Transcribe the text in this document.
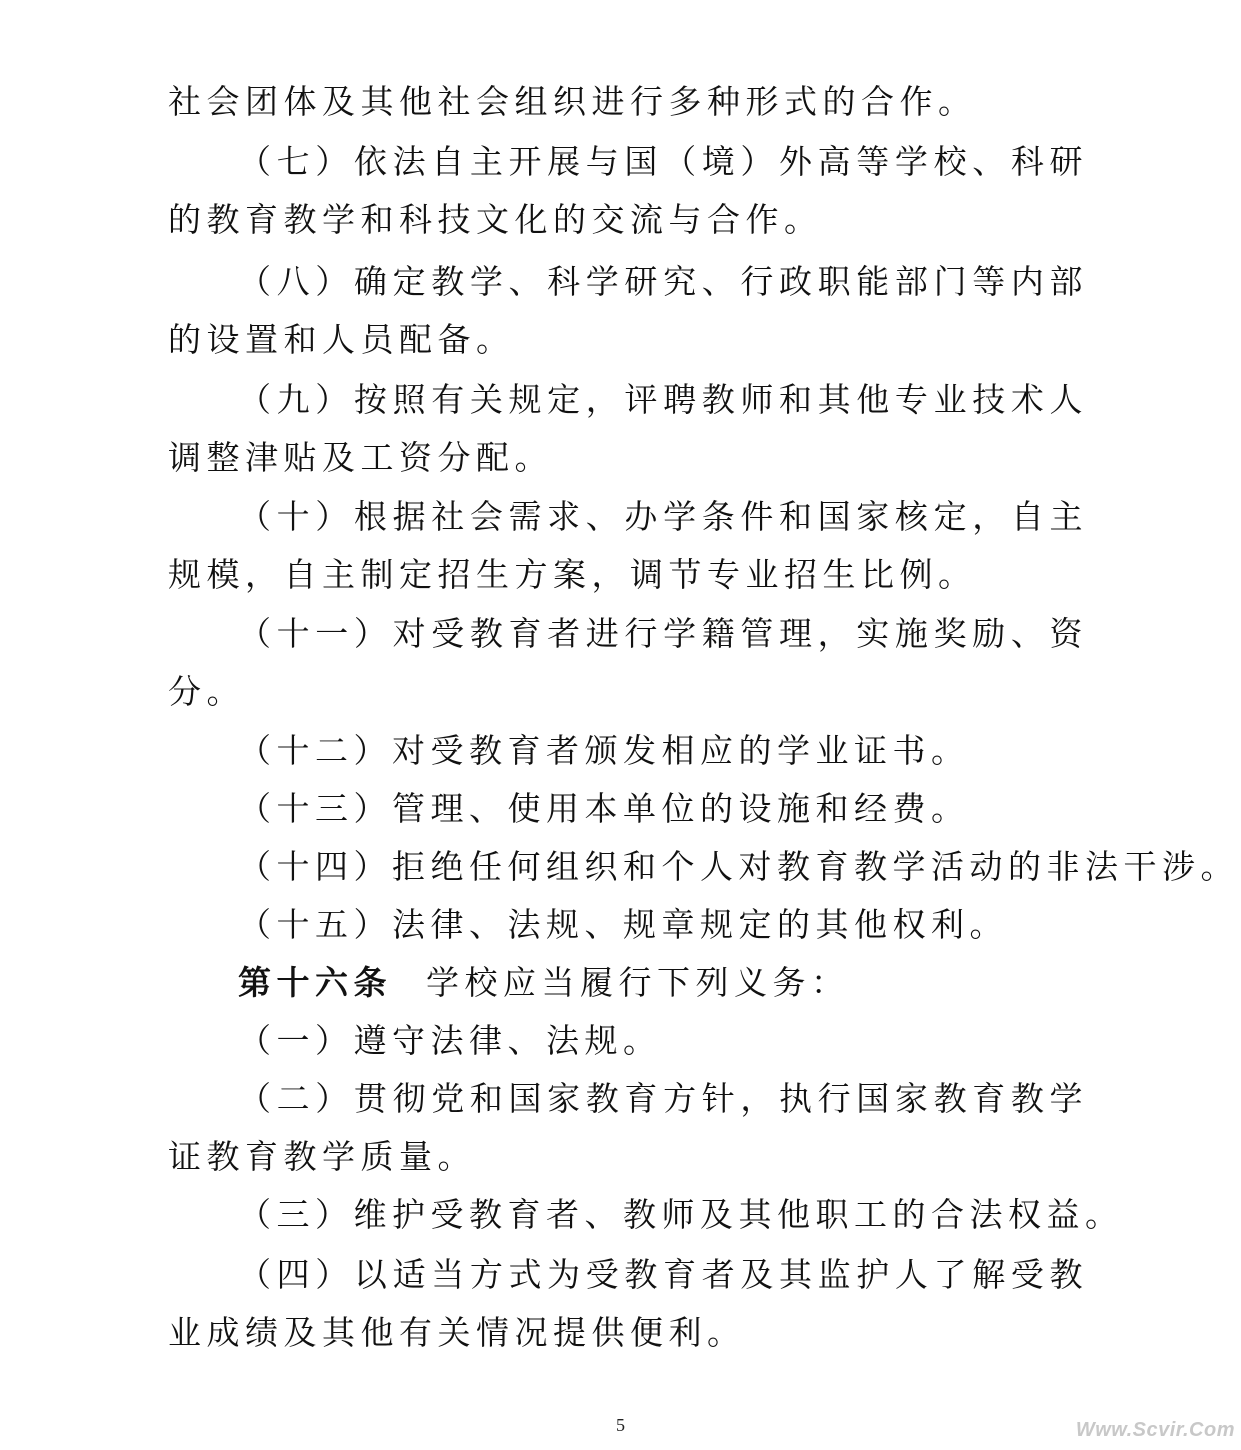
社会团体及其他社会组织进行多种形式的合作。
（七）依法自主开展与国（境）外高等学校、科研
的教育教学和科技文化的交流与合作。
（八）确定教学、科学研究、行政职能部门等内部
的设置和人员配备。
（九）按照有关规定，评聘教师和其他专业技术人
调整津贴及工资分配。
（十）根据社会需求、办学条件和国家核定，自主
规模，自主制定招生方案，调节专业招生比例。
（十一）对受教育者进行学籍管理，实施奖励、资
分。
（十二）对受教育者颁发相应的学业证书。
（十三）管理、使用本单位的设施和经费。
（十四）拒绝任何组织和个人对教育教学活动的非法干涉。
（十五）法律、法规、规章规定的其他权利。
第十六条 学校应当履行下列义务：
（一）遵守法律、法规。
（二）贯彻党和国家教育方针，执行国家教育教学
证教育教学质量。
（三）维护受教育者、教师及其他职工的合法权益。
（四）以适当方式为受教育者及其监护人了解受教
业成绩及其他有关情况提供便利。
5	Www.Scvir.Com
